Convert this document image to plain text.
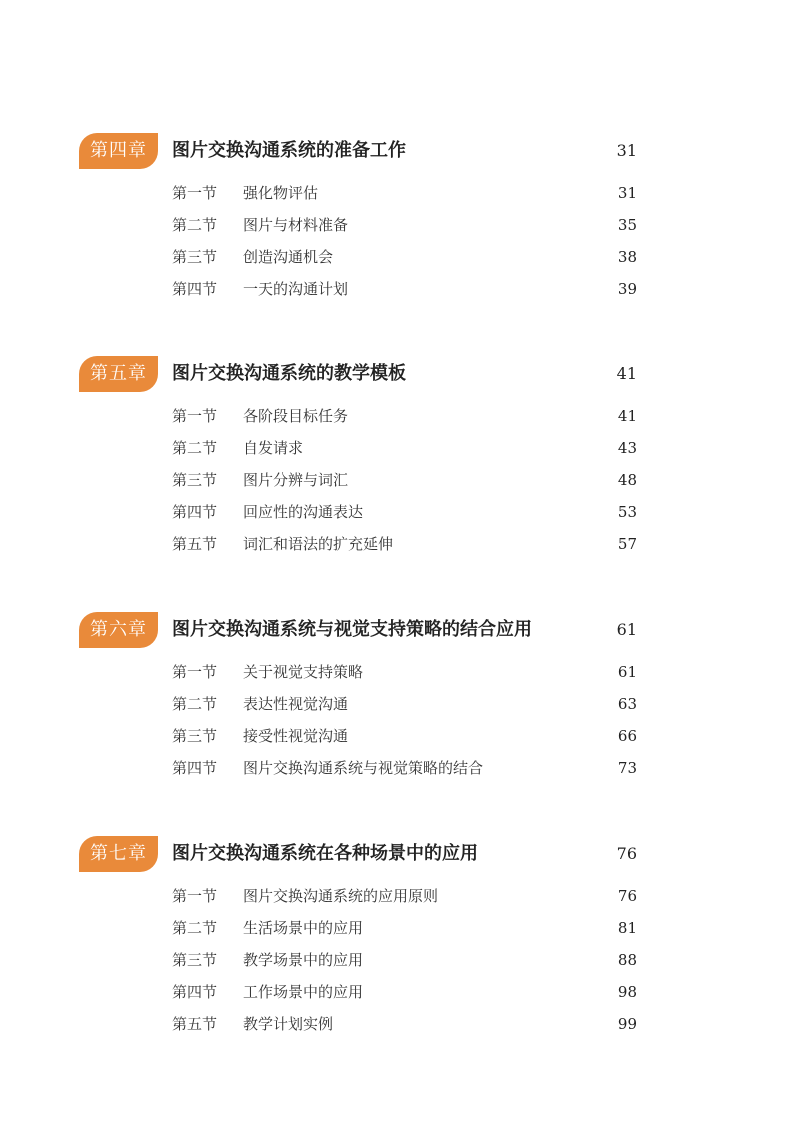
第四章	图片交换沟通系统的准备工作	31
第一节 强化物评估	31
第二节 图片与材料准备	35
第三节 创造沟通机会	38
第四节 一天的沟通计划	39
第五章	图片交换沟通系统的教学模板	41
第一节 各阶段目标任务	41
第二节 自发请求	43
第三节 图片分辨与词汇	48
第四节 回应性的沟通表达	53
第五节 词汇和语法的扩充延伸	57
第六章	图片交换沟通系统与视觉支持策略的结合应用	61
第一节 关于视觉支持策略	61
第二节 表达性视觉沟通	63
第三节 接受性视觉沟通	66
第四节 图片交换沟通系统与视觉策略的结合	73
第七章	图片交换沟通系统在各种场景中的应用	76
第一节 图片交换沟通系统的应用原则	76
第二节 生活场景中的应用	81
第三节 教学场景中的应用	88
第四节 工作场景中的应用	98
第五节 教学计划实例	99
